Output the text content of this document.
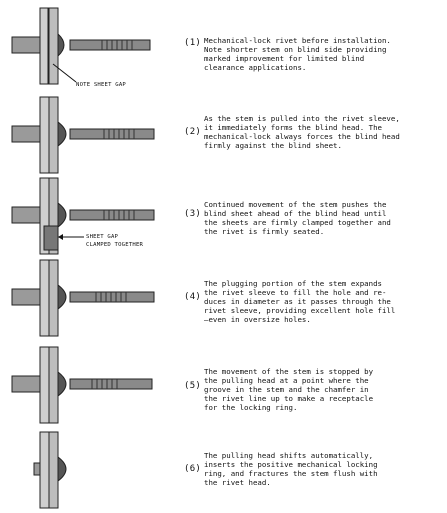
NOTE SHEET GAP
(1) Mechanical-lock rivet before installation.
Note shorter stem on blind side providing
marked improvement for limited blind
clearance applications.
(2)
As the stem is pulled into the rivet sleeve,
it immediately forms the blind head. The
mechanical-lock always forces the blind head
firmly against the blind sheet.
SHEET GAP
CLAMPED TOGETHER
(3)
Continued movement of the stem pushes the
blind sheet ahead of the blind head until
the sheets are firmly clamped together and
the rivet is firmly seated.
(4)
The plugging portion of the stem expands
the rivet sleeve to fill the hole and re-
duces in diameter as it passes through the
rivet sleeve, providing excellent hole fill
—even in oversize holes.
(5)
The movement of the stem is stopped by
the pulling head at a point where the
groove in the stem and the chamfer in
the rivet line up to make a receptacle
for the locking ring.
(6)
The pulling head shifts automatically,
inserts the positive mechanical locking
ring, and fractures the stem flush with
the rivet head.
